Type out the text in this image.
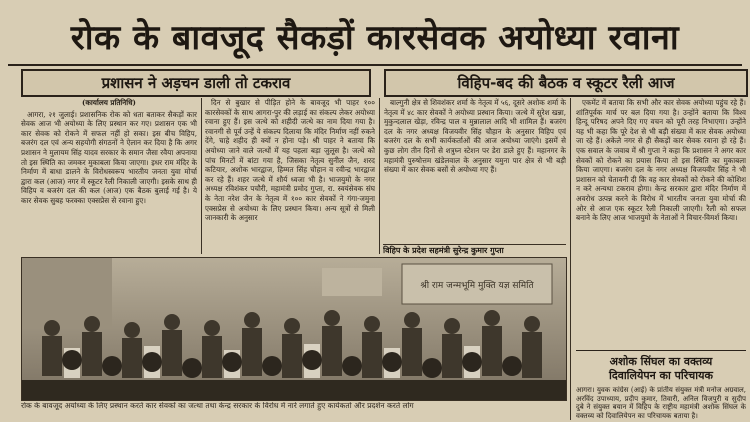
रोक के बावजूद सैकड़ों कारसेवक अयोध्या रवाना
प्रशासन ने अड़चन डाली तो टकराव	विहिप-बद की बैठक व स्कूटर रैली आज

(कार्यालय प्रतिनिधि)

आगरा, २१ जुलाई। प्रशासनिक रोक को धता बताकर सैकड़ों कार सेवक आज भी अयोध्या के लिए प्रस्थान कर गए। प्रशासन एक भी कार सेवक को रोकने में सफल नहीं हो सका। इस बीच विहिप, बजरंग दल एवं अन्य सहयोगी संगठनों ने ऐलान कर दिया है कि अगर प्रशासन ने मुलायम सिंह यादव सरकार के समान जैसा रवैया अपनाया तो इस स्थिति का जमकर मुकाबला किया जाएगा। इधर राम मंदिर के निर्माण में बाधा डालने के विरोधस्वरूप भारतीय जनता युवा मोर्चा द्वारा कल (आज) नगर में स्कूटर रैली निकाली जाएगी। इसके साथ ही विहिप व बजरंग दल की कल (आज) एक बैठक बुलाई गई है। ये कार सेवक सुबह फरक्का एक्सप्रेस से रवाना हुए।

दिन से बुखार से पीड़ित होने के बावजूद भी पाहर १०० कारसेवकों के साथ आगरा-पुर की लड़ाई का संकल्प लेकर अयोध्या रवाना हुए हैं। इस जत्थे को शहीदी जत्थे का नाम दिया गया है। रवानगी से पूर्व उन्हें ये संकल्प दिलाया कि मंदिर निर्माण नहीं रुकने देंगे, चाहे शहीद ही क्यों न होना पड़े। श्री पाहर ने बताया कि अयोध्या जाने वाले जत्थों में यह पहला बड़ा जुलूस है। जत्थे को पांच मिनटों में बांटा गया है, जिसका नेतृत्व सुनील जैन, शरद कटियार, अशोक भारद्वाज, हिम्मत सिंह चौहान व रवीन्द्र भारद्वाज कर रहे हैं। शहर जत्थे में शौर्य ध्वजा भी है। भाजयुमो के नगर अध्यक्ष रविशंकर पचौरी, महामंत्री प्रमोद गुप्ता, रा. स्वयंसेवक संघ के नेता नरेश जैन के नेतृत्व में १०० कार सेवकों ने गंगा-जमुना एक्सप्रेस से अयोध्या के लिए प्रस्थान किया। अन्य सूत्रों से मिली जानकारी के अनुसार

बाल्गुनी क्षेत्र से शिवशंकर शर्मा के नेतृत्व में ५६, दूसरे अशोक शर्मा के नेतृत्व में ४८ कार सेवकों ने अयोध्या प्रस्थान किया। जत्थे में सुरेश खन्ना, मुकुन्दलाल खेड़ा, रविन्द्र पाल व मुन्नालाल आदि भी शामिल हैं। बजरंग दल के नगर अध्यक्ष विजयवीर सिंह चौहान के अनुसार विहिप एवं बजरंग दल के सभी कार्यकर्ताओं की आज अयोध्या जाएंगे। इसमें से कुछ लोग तीन दिनों से शत्रुघ्न स्टेशन पर डेरा डाले हुए हैं। महानगर के महामंत्री पुरुषोत्तम खंडेलवाल के अनुसार यमुना पार क्षेत्र से भी बड़ी संख्या में कार सेवक बसों से अयोध्या गए हैं।

विहिप के प्रदेश सहमंत्री सुरेन्द्र कुमार गुप्ता

एकमेंट में बताया कि सभी और कार सेवक अयोध्या पहुंच रहे हैं। शांतिपूर्वक मार्च पर बल दिया गया है। उन्होंने बताया कि विश्व हिन्दू परिषद अपने दिए गए वचन को पूरी तरह निभाएगा। उन्होंने यह भी कहा कि पूरे देश से भी बड़ी संख्या में कार सेवक अयोध्या जा रहे हैं। अकेले नगर से ही सैकड़ों कार सेवक रवाना हो रहे हैं। एक सवाल के जवाब में श्री गुप्ता ने कहा कि प्रशासन ने अगर कार सेवकों को रोकने का प्रयास किया तो इस स्थिति का मुकाबला किया जाएगा। बजरंग दल के नगर अध्यक्ष विजयवीर सिंह ने भी प्रशासन को चेतावनी दी कि वह कार सेवकों को रोकने की कोशिश न करे अन्यथा टकराव होगा। केन्द्र सरकार द्वारा मंदिर निर्माण में अवरोध उत्पन्न करने के विरोध में भारतीय जनता युवा मोर्चा की ओर से आज एक स्कूटर रैली निकाली जाएगी। रैली को सफल बनाने के लिए आज भाजयुमो के नेताओं ने विचार-विमर्श किया।

अशोक सिंघल का वक्तव्य
दिवालियेपन का परिचायक
आगरा। युवक कांग्रेस (आई) के प्रांतीय संयुक्त मंत्री मनोज अग्रवाल, अरविंद उपाध्याय, प्रदीप कुमार, तिवारी, अनिल विजपुरी व सुदीप दुबे ने संयुक्त बयान में विहिप के राष्ट्रीय महामंत्री अशोक सिंघल के वक्तव्य को दिवालियेपन का परिचायक बताया है।
श्री राम जन्मभूमि मुक्ति यज्ञ समिति
रोक के बावजूद अयोध्या के लिए प्रस्थान करते कार सेवकों का जत्था तथा केन्द्र सरकार के विरोध में नारे लगाते हुए कार्यकर्ता और प्रदर्शन करते लोग
